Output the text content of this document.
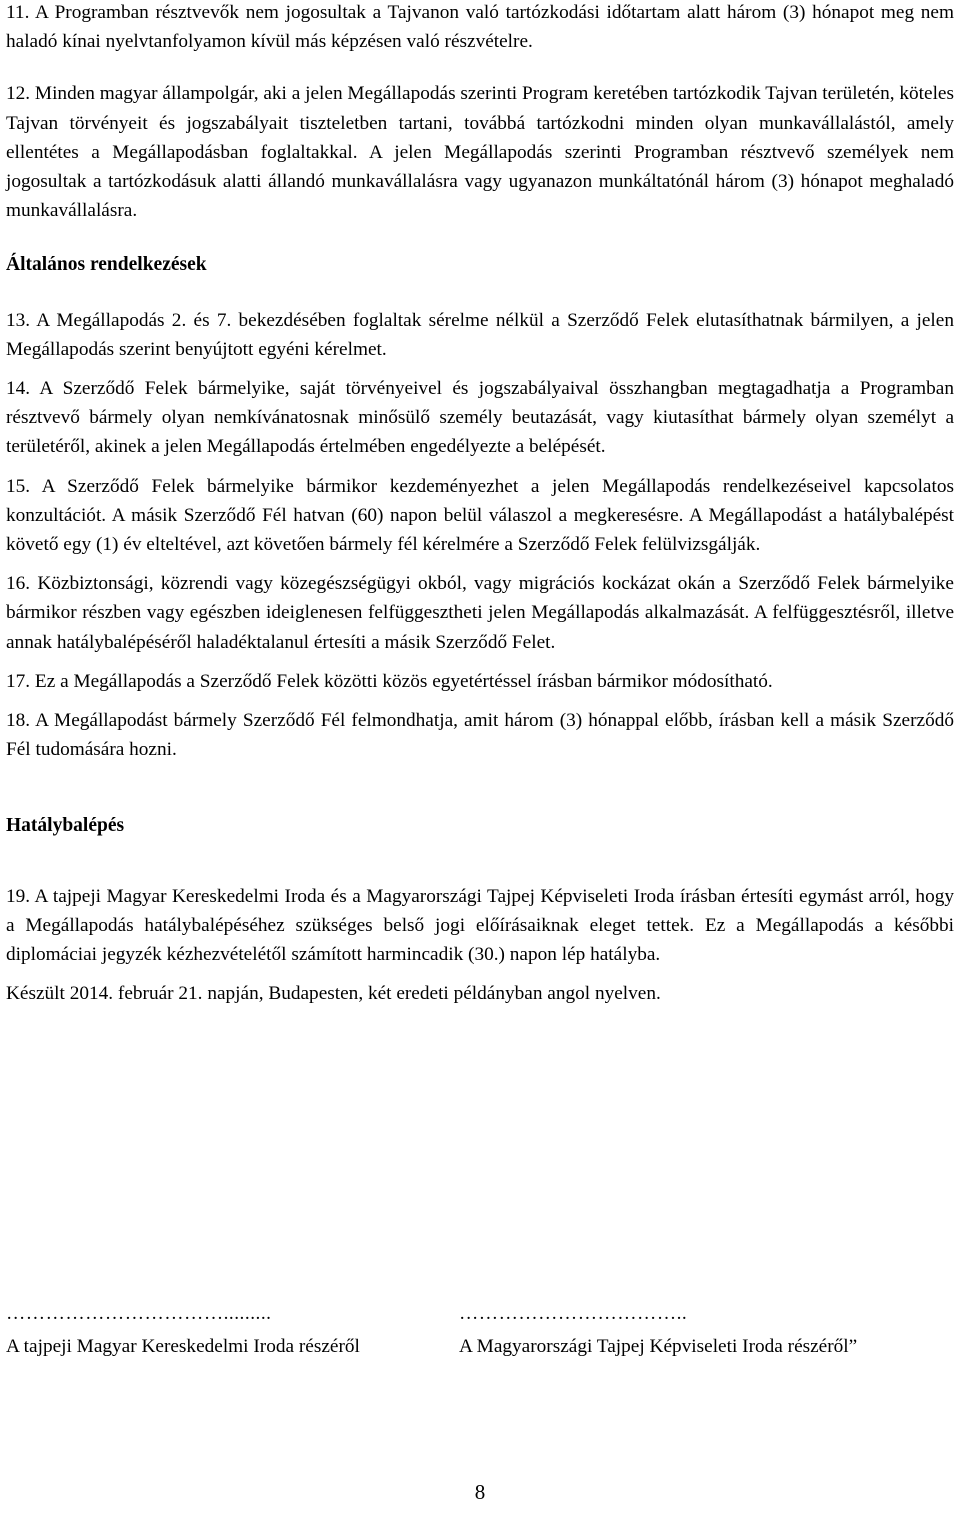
11. A Programban résztvevők nem jogosultak a Tajvanon való tartózkodási időtartam alatt három (3) hónapot meg nem haladó kínai nyelvtanfolyamon kívül más képzésen való részvételre.

12. Minden magyar állampolgár, aki a jelen Megállapodás szerinti Program keretében tartózkodik Tajvan területén, köteles Tajvan törvényeit és jogszabályait tiszteletben tartani, továbbá tartózkodni minden olyan munkavállalástól, amely ellentétes a Megállapodásban foglaltakkal. A jelen Megállapodás szerinti Programban résztvevő személyek nem jogosultak a tartózkodásuk alatti állandó munkavállalásra vagy ugyanazon munkáltatónál három (3) hónapot meghaladó munkavállalásra.

Általános rendelkezések

13. A Megállapodás 2. és 7. bekezdésében foglaltak sérelme nélkül a Szerződő Felek elutasíthatnak bármilyen, a jelen Megállapodás szerint benyújtott egyéni kérelmet.

14. A Szerződő Felek bármelyike, saját törvényeivel és jogszabályaival összhangban megtagadhatja a Programban résztvevő bármely olyan nemkívánatosnak minősülő személy beutazását, vagy kiutasíthat bármely olyan személyt a területéről, akinek a jelen Megállapodás értelmében engedélyezte a belépését.

15. A Szerződő Felek bármelyike bármikor kezdeményezhet a jelen Megállapodás rendelkezéseivel kapcsolatos konzultációt. A másik Szerződő Fél hatvan (60) napon belül válaszol a megkeresésre. A Megállapodást a hatálybalépést követő egy (1) év elteltével, azt követően bármely fél kérelmére a Szerződő Felek felülvizsgálják.

16. Közbiztonsági, közrendi vagy közegészségügyi okból, vagy migrációs kockázat okán a Szerződő Felek bármelyike bármikor részben vagy egészben ideiglenesen felfüggesztheti jelen Megállapodás alkalmazását. A felfüggesztésről, illetve annak hatálybalépéséről haladéktalanul értesíti a másik Szerződő Felet.

17. Ez a Megállapodás a Szerződő Felek közötti közös egyetértéssel írásban bármikor módosítható.

18. A Megállapodást bármely Szerződő Fél felmondhatja, amit három (3) hónappal előbb, írásban kell a másik Szerződő Fél tudomására hozni.

Hatálybalépés

19. A tajpeji Magyar Kereskedelmi Iroda és a Magyarországi Tajpej Képviseleti Iroda írásban értesíti egymást arról, hogy a Megállapodás hatálybalépéséhez szükséges belső jogi előírásaiknak eleget tettek. Ez a Megállapodás a későbbi diplomáciai jegyzék kézhezvételétől számított harmincadik (30.) napon lép hatályba.

Készült 2014. február 21. napján, Budapesten, két eredeti példányban angol nyelven.

…………………………….........
A tajpeji Magyar Kereskedelmi Iroda részéről
……………………………..
A Magyarországi Tajpej Képviseleti Iroda részéről”
8
